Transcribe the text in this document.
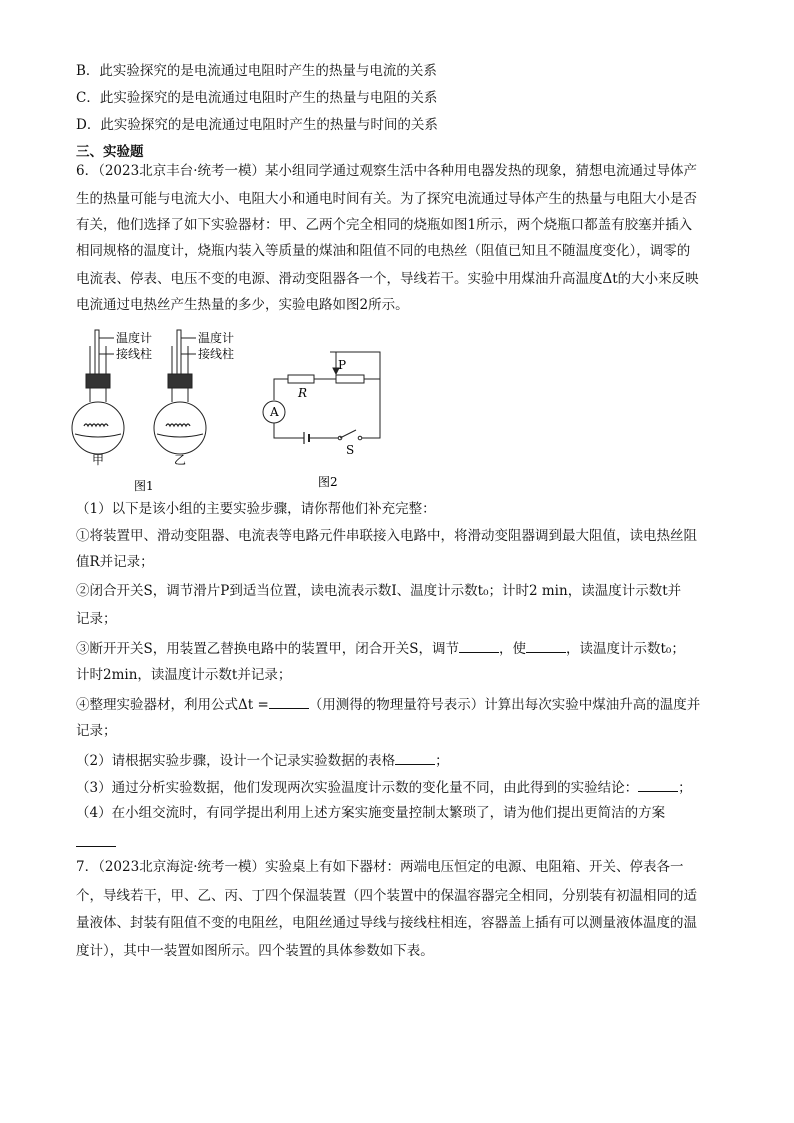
B．此实验探究的是电流通过电阻时产生的热量与电流的关系
C．此实验探究的是电流通过电阻时产生的热量与电阻的关系
D．此实验探究的是电流通过电阻时产生的热量与时间的关系
三、实验题
6．（2023北京丰台·统考一模）某小组同学通过观察生活中各种用电器发热的现象，猜想电流通过导体产
生的热量可能与电流大小、电阻大小和通电时间有关。为了探究电流通过导体产生的热量与电阻大小是否
有关，他们选择了如下实验器材：甲、乙两个完全相同的烧瓶如图1所示，两个烧瓶口都盖有胶塞并插入
相同规格的温度计，烧瓶内装入等质量的煤油和阻值不同的电热丝（阻值已知且不随温度变化），调零的
电流表、停表、电压不变的电源、滑动变阻器各一个，导线若干。实验中用煤油升高温度Δt的大小来反映
电流通过电热丝产生热量的多少，实验电路如图2所示。
温度计
接线柱
温度计
接线柱
甲	乙
图1
P
R
A
S
图2
（1）以下是该小组的主要实验步骤，请你帮他们补充完整：
①将装置甲、滑动变阻器、电流表等电路元件串联接入电路中，将滑动变阻器调到最大阻值，读电热丝阻
值R并记录；
②闭合开关S，调节滑片P到适当位置，读电流表示数I、温度计示数t₀；计时2 min，读温度计示数t并
记录；
③断开开关S，用装置乙替换电路中的装置甲，闭合开关S，调节	，使	，读温度计示数t₀；
计时2min，读温度计示数t并记录；
④整理实验器材，利用公式Δt =	（用测得的物理量符号表示）计算出每次实验中煤油升高的温度并
记录；
（2）请根据实验步骤，设计一个记录实验数据的表格	；
（3）通过分析实验数据，他们发现两次实验温度计示数的变化量不同，由此得到的实验结论：	；
（4）在小组交流时，有同学提出利用上述方案实施变量控制太繁琐了，请为他们提出更简洁的方案
7．（2023北京海淀·统考一模）实验桌上有如下器材：两端电压恒定的电源、电阻箱、开关、停表各一
个，导线若干，甲、乙、丙、丁四个保温装置（四个装置中的保温容器完全相同，分别装有初温相同的适
量液体、封装有阻值不变的电阻丝，电阻丝通过导线与接线柱相连，容器盖上插有可以测量液体温度的温
度计），其中一装置如图所示。四个装置的具体参数如下表。
